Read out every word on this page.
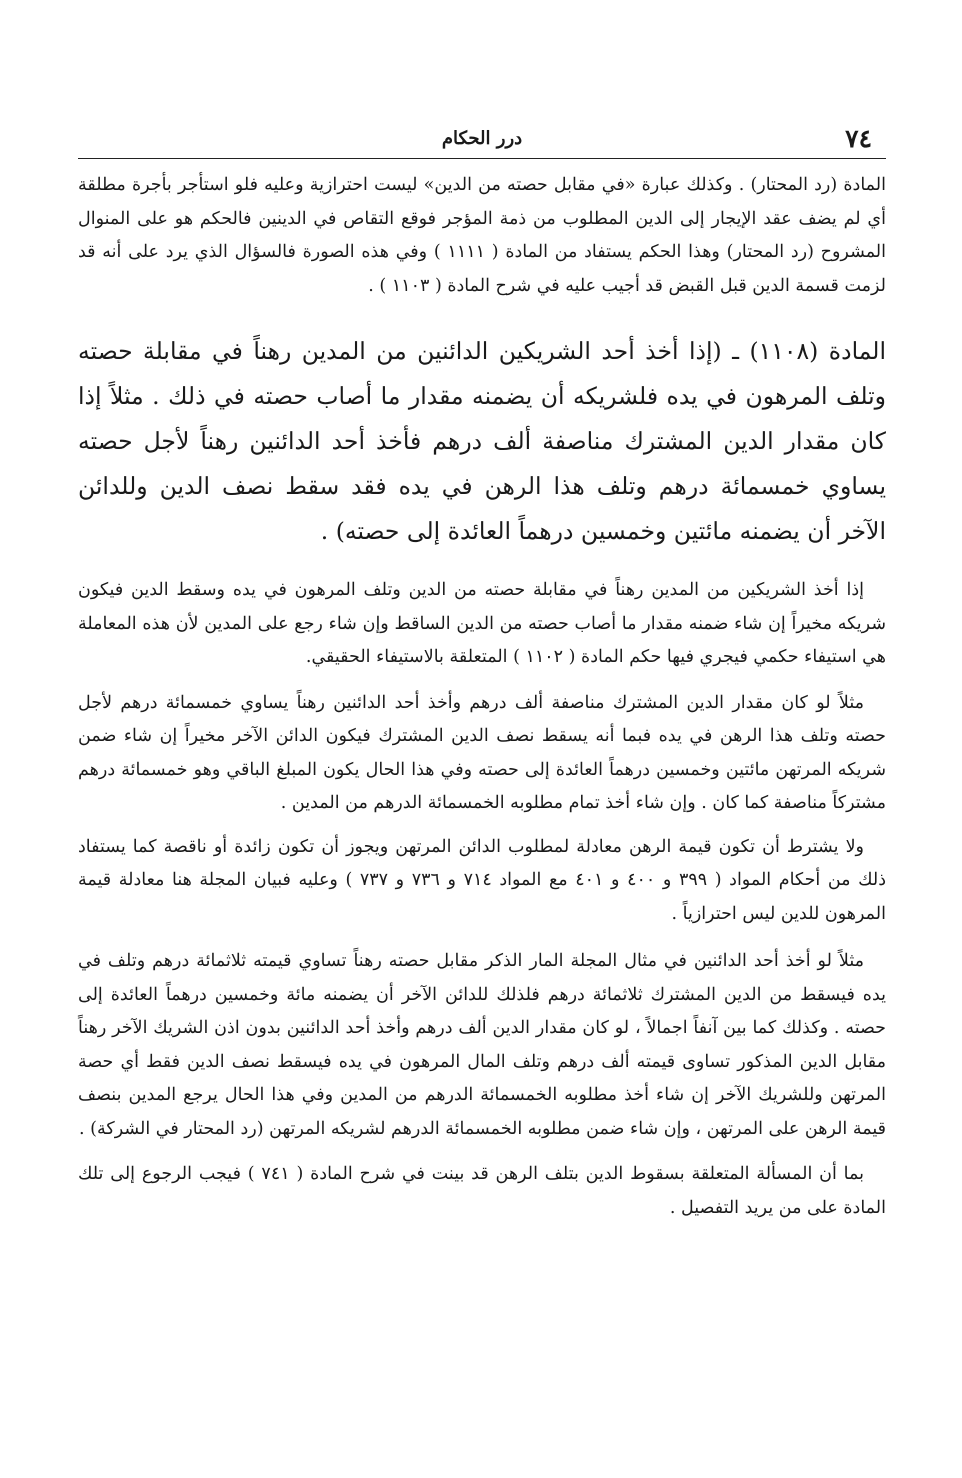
٧٤
درر الحكام

المادة (رد المحتار) . وكذلك عبارة «في مقابل حصته من الدين» ليست احترازية وعليه فلو استأجر بأجرة مطلقة أي لم يضف عقد الإيجار إلى الدين المطلوب من ذمة المؤجر فوقع التقاص في الدينين فالحكم هو على المنوال المشروح (رد المحتار) وهذا الحكم يستفاد من المادة ( ١١١١ ) وفي هذه الصورة فالسؤال الذي يرد على أنه قد لزمت قسمة الدين قبل القبض قد أجيب عليه في شرح المادة ( ١١٠٣ ) .

المادة (١١٠٨) ـ (إذا أخذ أحد الشريكين الدائنين من المدين رهناً في مقابلة حصته وتلف المرهون في يده فلشريكه أن يضمنه مقدار ما أصاب حصته في ذلك . مثلاً إذا كان مقدار الدين المشترك مناصفة ألف درهم فأخذ أحد الدائنين رهناً لأجل حصته يساوي خمسمائة درهم وتلف هذا الرهن في يده فقد سقط نصف الدين وللدائن الآخر أن يضمنه مائتين وخمسين درهماً العائدة إلى حصته) .

إذا أخذ الشريكين من المدين رهناً في مقابلة حصته من الدين وتلف المرهون في يده وسقط الدين فيكون شريكه مخيراً إن شاء ضمنه مقدار ما أصاب حصته من الدين الساقط وإن شاء رجع على المدين لأن هذه المعاملة هي استيفاء حكمي فيجري فيها حكم المادة ( ١١٠٢ ) المتعلقة بالاستيفاء الحقيقي.

مثلاً لو كان مقدار الدين المشترك مناصفة ألف درهم وأخذ أحد الدائنين رهناً يساوي خمسمائة درهم لأجل حصته وتلف هذا الرهن في يده فبما أنه يسقط نصف الدين المشترك فيكون الدائن الآخر مخيراً إن شاء ضمن شريكه المرتهن مائتين وخمسين درهماً العائدة إلى حصته وفي هذا الحال يكون المبلغ الباقي وهو خمسمائة درهم مشتركاً مناصفة كما كان . وإن شاء أخذ تمام مطلوبه الخمسمائة الدرهم من المدين .

ولا يشترط أن تكون قيمة الرهن معادلة لمطلوب الدائن المرتهن ويجوز أن تكون زائدة أو ناقصة كما يستفاد ذلك من أحكام المواد ( ٣٩٩ و ٤٠٠ و ٤٠١ مع المواد ٧١٤ و ٧٣٦ و ٧٣٧ ) وعليه فبيان المجلة هنا معادلة قيمة المرهون للدين ليس احترازياً .

مثلاً لو أخذ أحد الدائنين في مثال المجلة المار الذكر مقابل حصته رهناً تساوي قيمته ثلاثمائة درهم وتلف في يده فيسقط من الدين المشترك ثلاثمائة درهم فلذلك للدائن الآخر أن يضمنه مائة وخمسين درهماً العائدة إلى حصته . وكذلك كما بين آنفاً اجمالاً ، لو كان مقدار الدين ألف درهم وأخذ أحد الدائنين بدون اذن الشريك الآخر رهناً مقابل الدين المذكور تساوى قيمته ألف درهم وتلف المال المرهون في يده فيسقط نصف الدين فقط أي حصة المرتهن وللشريك الآخر إن شاء أخذ مطلوبه الخمسمائة الدرهم من المدين وفي هذا الحال يرجع المدين بنصف قيمة الرهن على المرتهن ، وإن شاء ضمن مطلوبه الخمسمائة الدرهم لشريكه المرتهن (رد المحتار في الشركة) .

بما أن المسألة المتعلقة بسقوط الدين بتلف الرهن قد بينت في شرح المادة ( ٧٤١ ) فيجب الرجوع إلى تلك المادة على من يريد التفصيل .
